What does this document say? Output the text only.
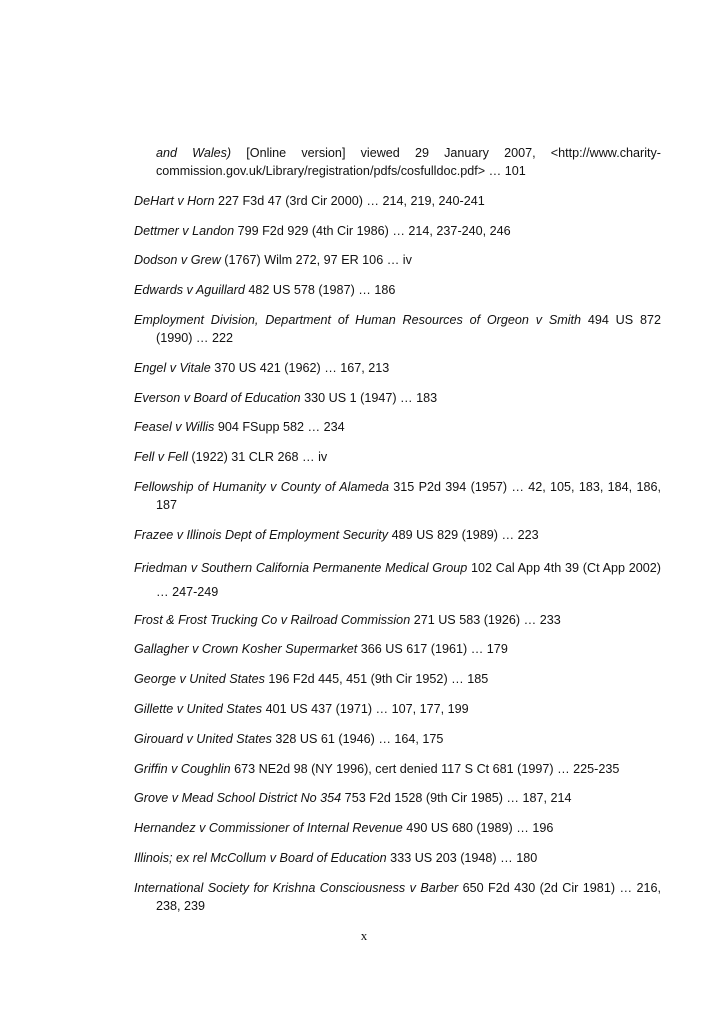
and Wales) [Online version] viewed 29 January 2007, <http://www.charity-commission.gov.uk/Library/registration/pdfs/cosfulldoc.pdf> … 101

DeHart v Horn 227 F3d 47 (3rd Cir 2000) … 214, 219, 240-241

Dettmer v Landon 799 F2d 929 (4th Cir 1986) … 214, 237-240, 246

Dodson v Grew (1767) Wilm 272, 97 ER 106 … iv

Edwards v Aguillard 482 US 578 (1987) … 186

Employment Division, Department of Human Resources of Orgeon v Smith 494 US 872 (1990) … 222

Engel v Vitale 370 US 421 (1962) … 167, 213

Everson v Board of Education 330 US 1 (1947) … 183

Feasel v Willis 904 FSupp 582 … 234

Fell v Fell (1922) 31 CLR 268 … iv

Fellowship of Humanity v County of Alameda 315 P2d 394 (1957) … 42, 105, 183, 184, 186, 187

Frazee v Illinois Dept of Employment Security 489 US 829 (1989) … 223

Friedman v Southern California Permanente Medical Group 102 Cal App 4th 39 (Ct App 2002) … 247-249

Frost & Frost Trucking Co v Railroad Commission 271 US 583 (1926) … 233

Gallagher v Crown Kosher Supermarket 366 US 617 (1961) … 179

George v United States 196 F2d 445, 451 (9th Cir 1952) … 185

Gillette v United States 401 US 437 (1971) … 107, 177, 199

Girouard v United States 328 US 61 (1946) … 164, 175

Griffin v Coughlin 673 NE2d 98 (NY 1996), cert denied 117 S Ct 681 (1997) … 225-235

Grove v Mead School District No 354 753 F2d 1528 (9th Cir 1985) … 187, 214

Hernandez v Commissioner of Internal Revenue 490 US 680 (1989) … 196

Illinois; ex rel McCollum v Board of Education 333 US 203 (1948) … 180

International Society for Krishna Consciousness v Barber 650 F2d 430 (2d Cir 1981) … 216, 238, 239

x
